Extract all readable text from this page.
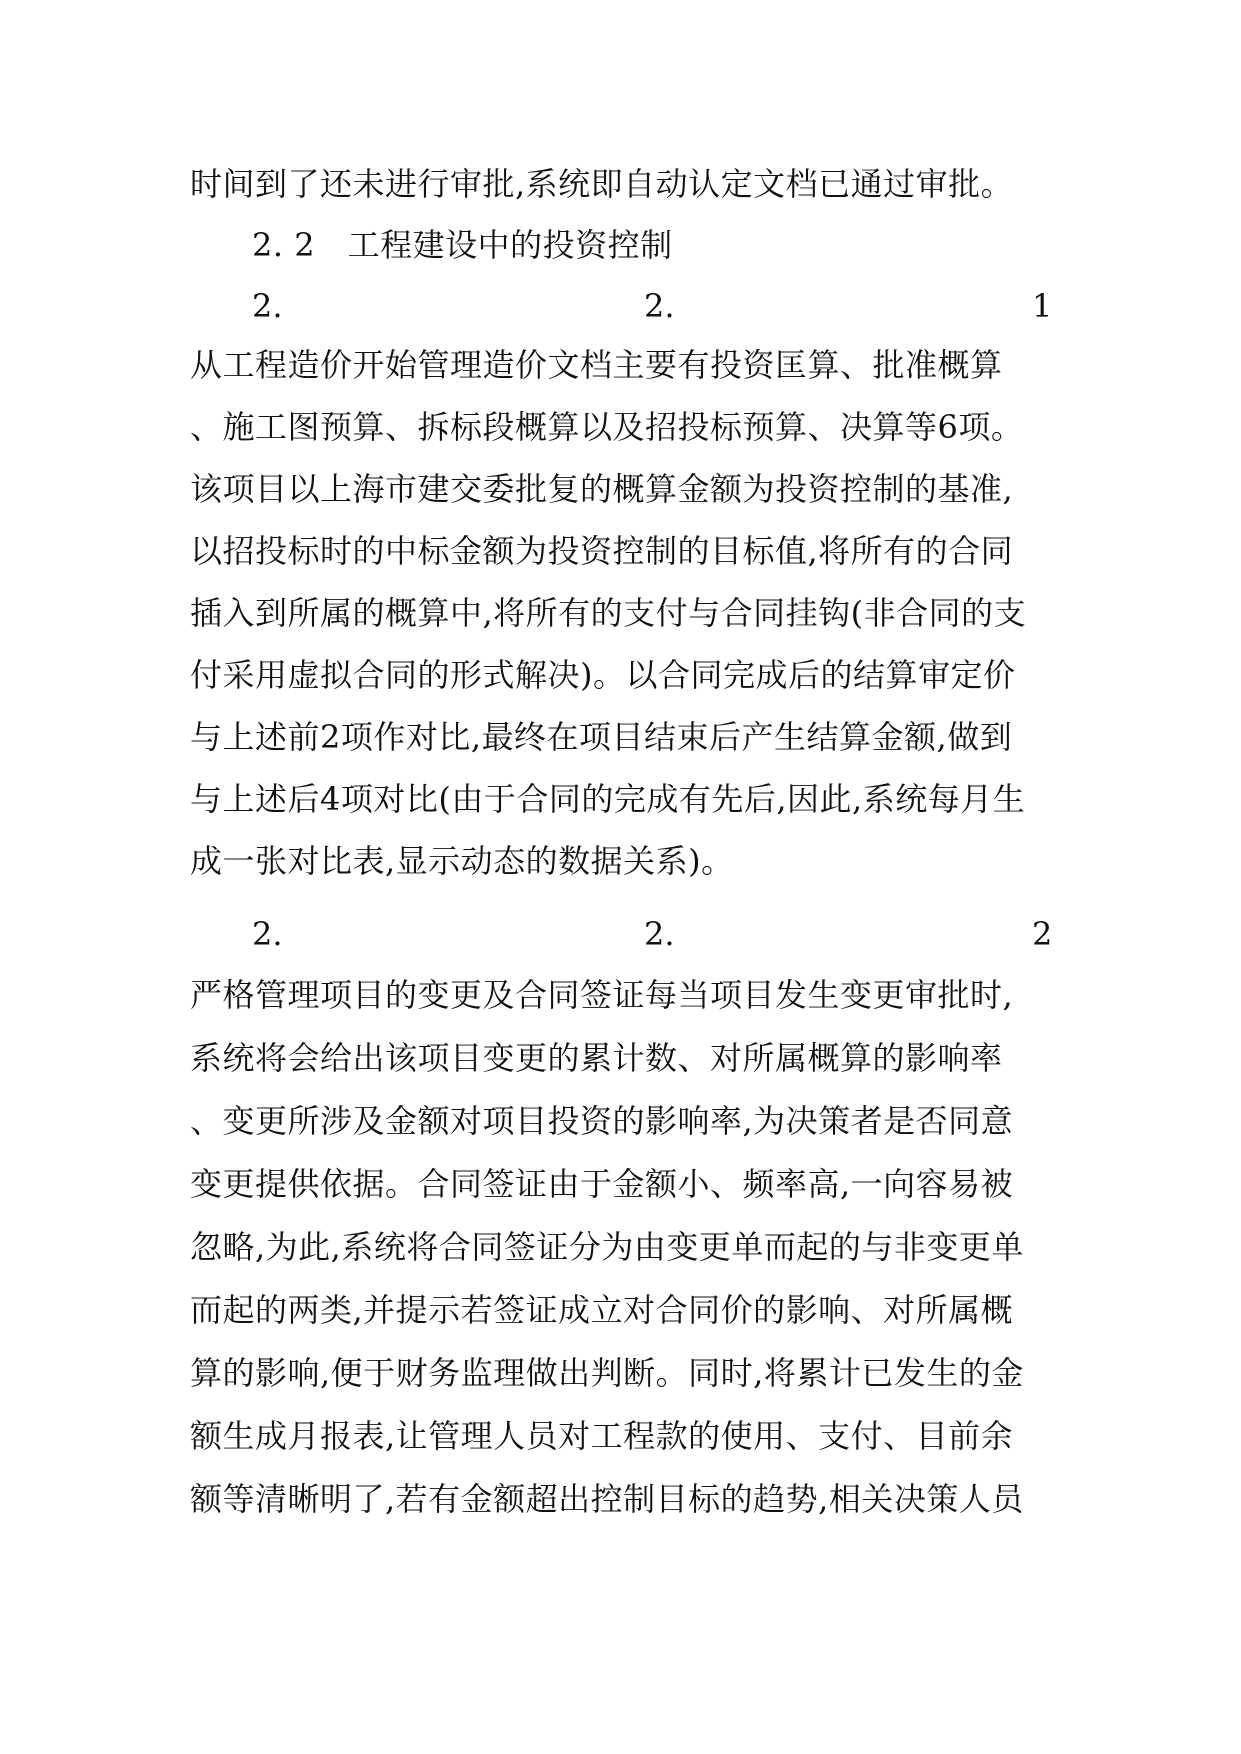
时间到了还未进行审批,系统即自动认定文档已通过审批。
2. 2　工程建设中的投资控制
2.	2.	1
从工程造价开始管理造价文档主要有投资匡算、批准概算
、施工图预算、拆标段概算以及招投标预算、决算等6项。
该项目以上海市建交委批复的概算金额为投资控制的基准,
以招投标时的中标金额为投资控制的目标值,将所有的合同
插入到所属的概算中,将所有的支付与合同挂钩(非合同的支
付采用虚拟合同的形式解决)。以合同完成后的结算审定价
与上述前2项作对比,最终在项目结束后产生结算金额,做到
与上述后4项对比(由于合同的完成有先后,因此,系统每月生
成一张对比表,显示动态的数据关系)。
2.	2.	2
严格管理项目的变更及合同签证每当项目发生变更审批时,
系统将会给出该项目变更的累计数、对所属概算的影响率
、变更所涉及金额对项目投资的影响率,为决策者是否同意
变更提供依据。合同签证由于金额小、频率高,一向容易被
忽略,为此,系统将合同签证分为由变更单而起的与非变更单
而起的两类,并提示若签证成立对合同价的影响、对所属概
算的影响,便于财务监理做出判断。同时,将累计已发生的金
额生成月报表,让管理人员对工程款的使用、支付、目前余
额等清晰明了,若有金额超出控制目标的趋势,相关决策人员
